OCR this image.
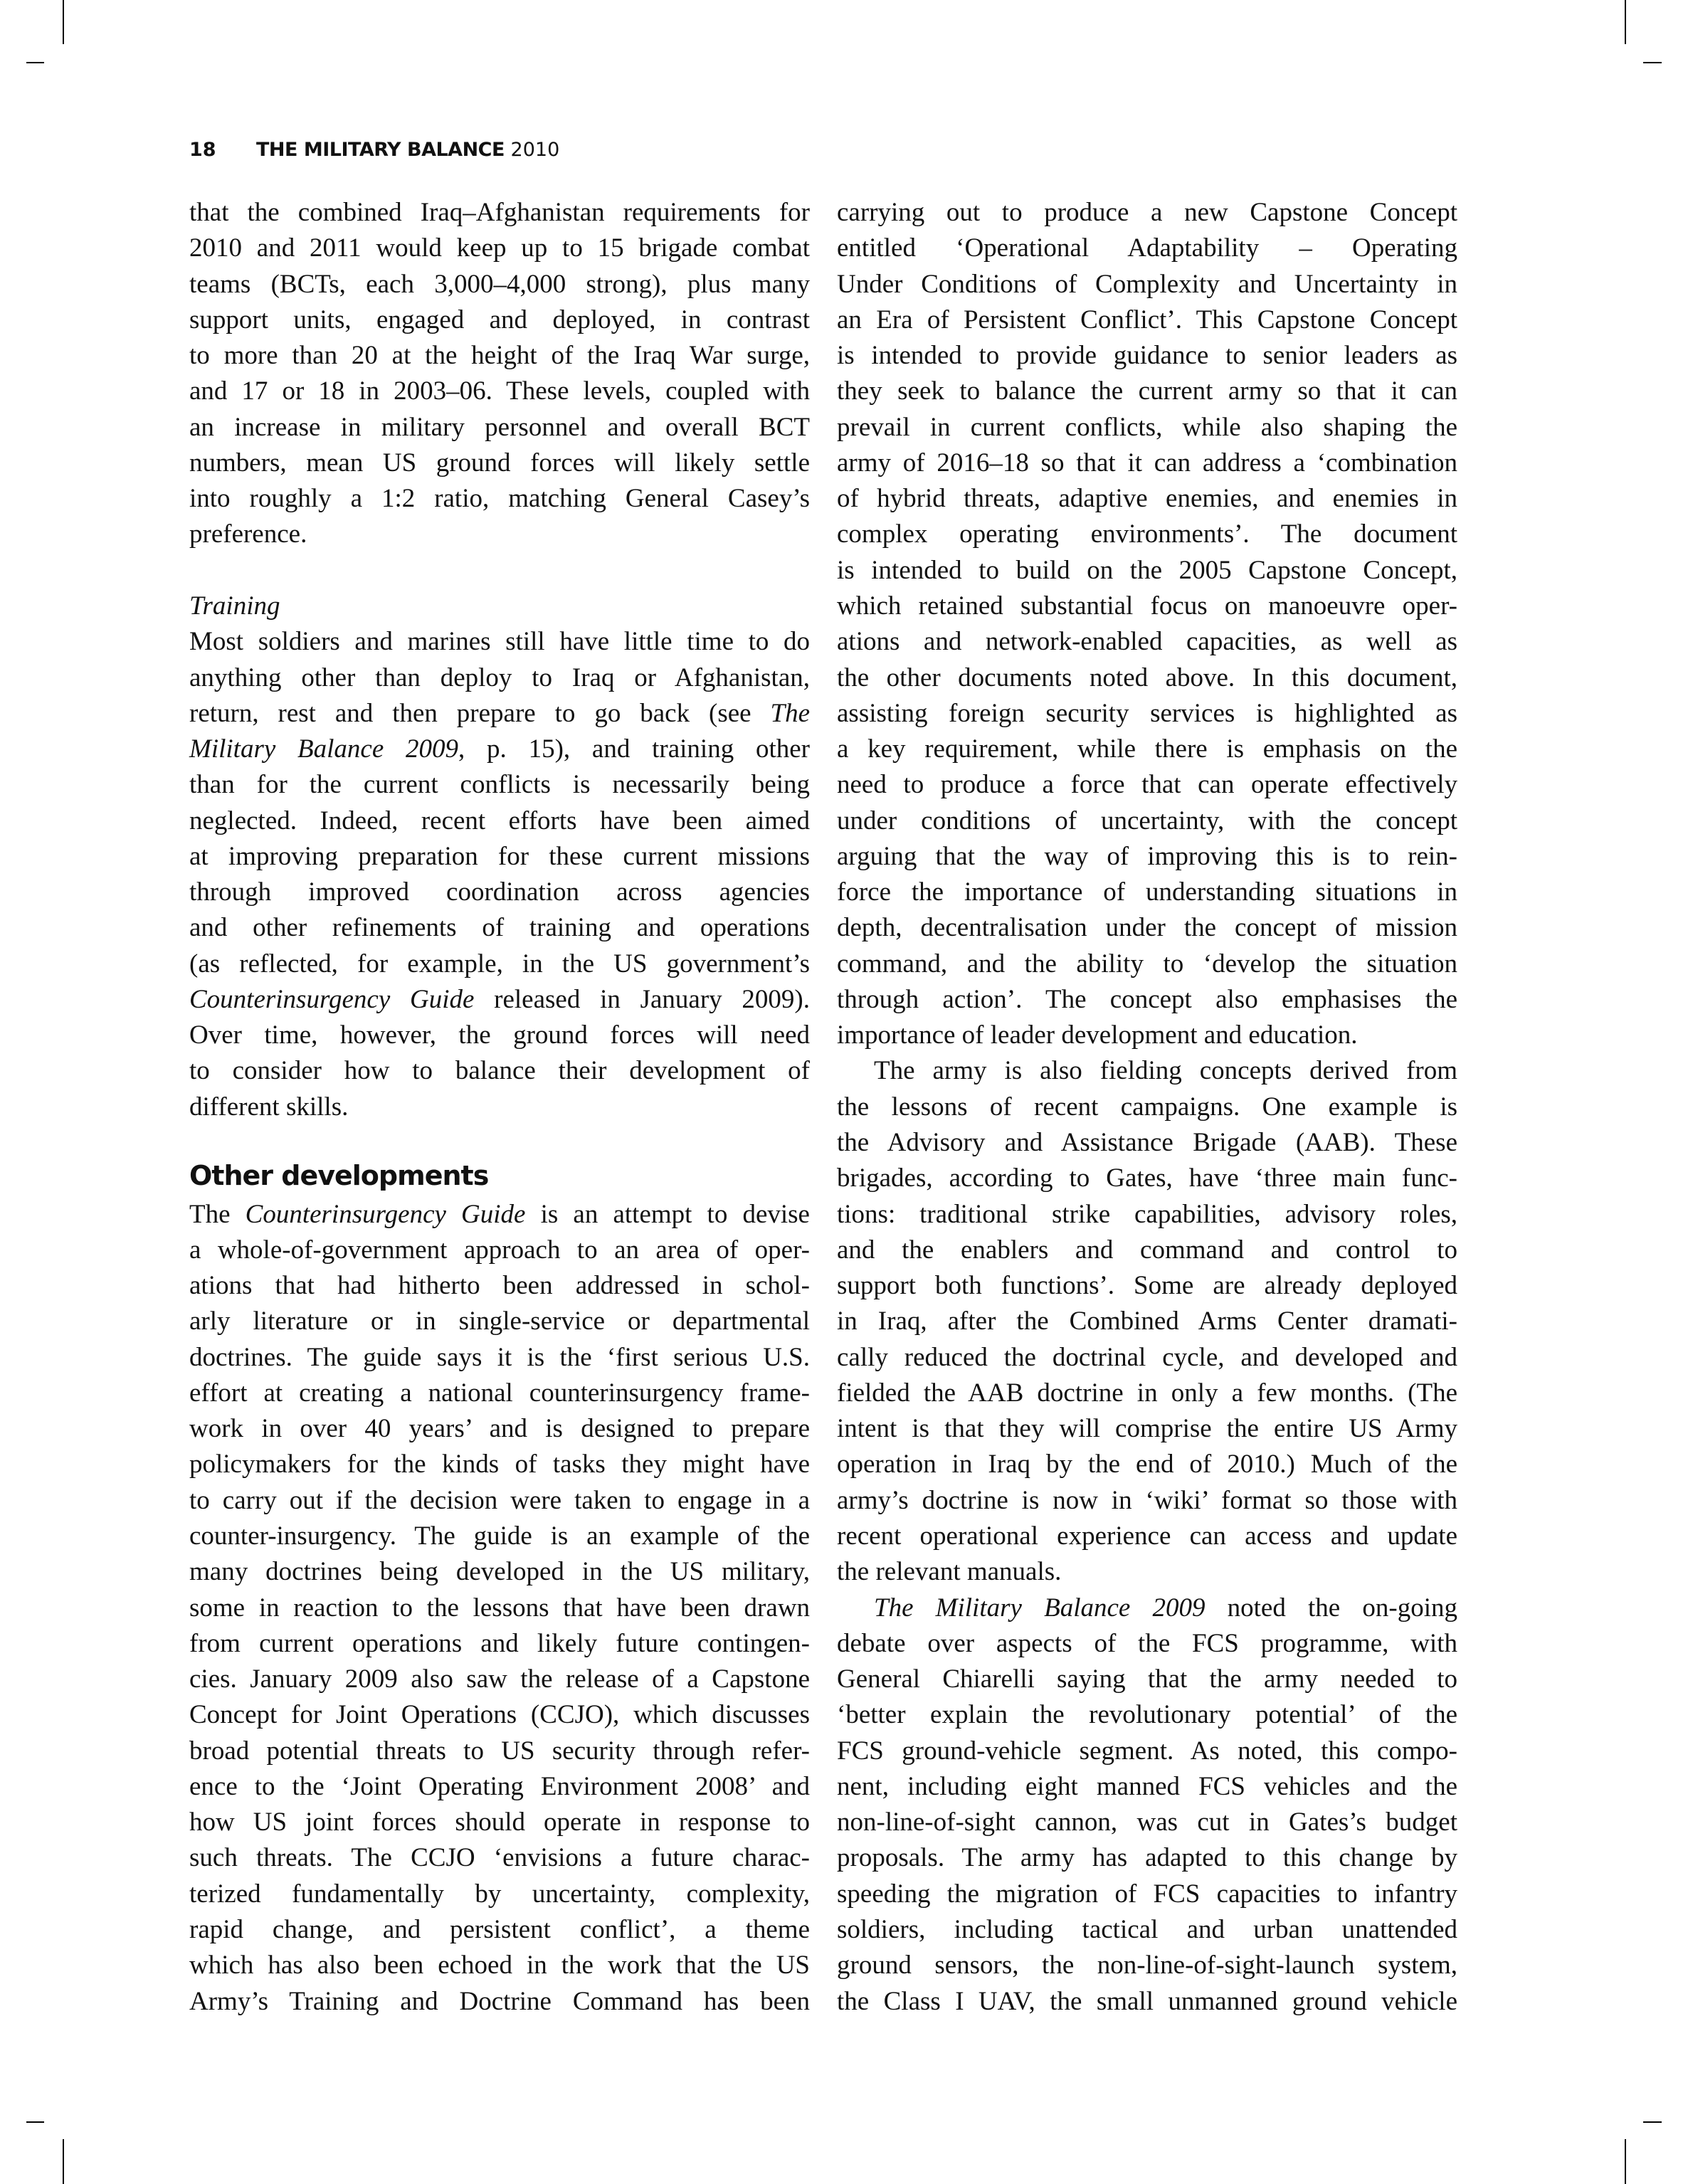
18 THE MILITARY BALANCE 2010
that the combined Iraq–Afghanistan requirements for
2010 and 2011 would keep up to 15 brigade combat
teams (BCTs, each 3,000–4,000 strong), plus many
support units, engaged and deployed, in contrast
to more than 20 at the height of the Iraq War surge,
and 17 or 18 in 2003–06. These levels, coupled with
an increase in military personnel and overall BCT
numbers, mean US ground forces will likely settle
into roughly a 1:2 ratio, matching General Casey’s
preference.
Training
Most soldiers and marines still have little time to do
anything other than deploy to Iraq or Afghanistan,
return, rest and then prepare to go back (see The
Military Balance 2009, p. 15), and training other
than for the current conflicts is necessarily being
neglected. Indeed, recent efforts have been aimed
at improving preparation for these current missions
through improved coordination across agencies
and other refinements of training and operations
(as reflected, for example, in the US government’s
Counterinsurgency Guide released in January 2009).
Over time, however, the ground forces will need
to consider how to balance their development of
different skills.
Other developments
The Counterinsurgency Guide is an attempt to devise
a whole-of-government approach to an area of oper-
ations that had hitherto been addressed in schol-
arly literature or in single-service or departmental
doctrines. The guide says it is the ‘first serious U.S.
effort at creating a national counterinsurgency frame-
work in over 40 years’ and is designed to prepare
policymakers for the kinds of tasks they might have
to carry out if the decision were taken to engage in a
counter-insurgency. The guide is an example of the
many doctrines being developed in the US military,
some in reaction to the lessons that have been drawn
from current operations and likely future contingen-
cies. January 2009 also saw the release of a Capstone
Concept for Joint Operations (CCJO), which discusses
broad potential threats to US security through refer-
ence to the ‘Joint Operating Environment 2008’ and
how US joint forces should operate in response to
such threats. The CCJO ‘envisions a future charac-
terized fundamentally by uncertainty, complexity,
rapid change, and persistent conflict’, a theme
which has also been echoed in the work that the US
Army’s Training and Doctrine Command has been
carrying out to produce a new Capstone Concept
entitled ‘Operational Adaptability – Operating
Under Conditions of Complexity and Uncertainty in
an Era of Persistent Conflict’. This Capstone Concept
is intended to provide guidance to senior leaders as
they seek to balance the current army so that it can
prevail in current conflicts, while also shaping the
army of 2016–18 so that it can address a ‘combination
of hybrid threats, adaptive enemies, and enemies in
complex operating environments’. The document
is intended to build on the 2005 Capstone Concept,
which retained substantial focus on manoeuvre oper-
ations and network-enabled capacities, as well as
the other documents noted above. In this document,
assisting foreign security services is highlighted as
a key requirement, while there is emphasis on the
need to produce a force that can operate effectively
under conditions of uncertainty, with the concept
arguing that the way of improving this is to rein-
force the importance of understanding situations in
depth, decentralisation under the concept of mission
command, and the ability to ‘develop the situation
through action’. The concept also emphasises the
importance of leader development and education.
The army is also fielding concepts derived from
the lessons of recent campaigns. One example is
the Advisory and Assistance Brigade (AAB). These
brigades, according to Gates, have ‘three main func-
tions: traditional strike capabilities, advisory roles,
and the enablers and command and control to
support both functions’. Some are already deployed
in Iraq, after the Combined Arms Center dramati-
cally reduced the doctrinal cycle, and developed and
fielded the AAB doctrine in only a few months. (The
intent is that they will comprise the entire US Army
operation in Iraq by the end of 2010.) Much of the
army’s doctrine is now in ‘wiki’ format so those with
recent operational experience can access and update
the relevant manuals.
The Military Balance 2009 noted the on-going
debate over aspects of the FCS programme, with
General Chiarelli saying that the army needed to
‘better explain the revolutionary potential’ of the
FCS ground-vehicle segment. As noted, this compo-
nent, including eight manned FCS vehicles and the
non-line-of-sight cannon, was cut in Gates’s budget
proposals. The army has adapted to this change by
speeding the migration of FCS capacities to infantry
soldiers, including tactical and urban unattended
ground sensors, the non-line-of-sight-launch system,
the Class I UAV, the small unmanned ground vehicle
